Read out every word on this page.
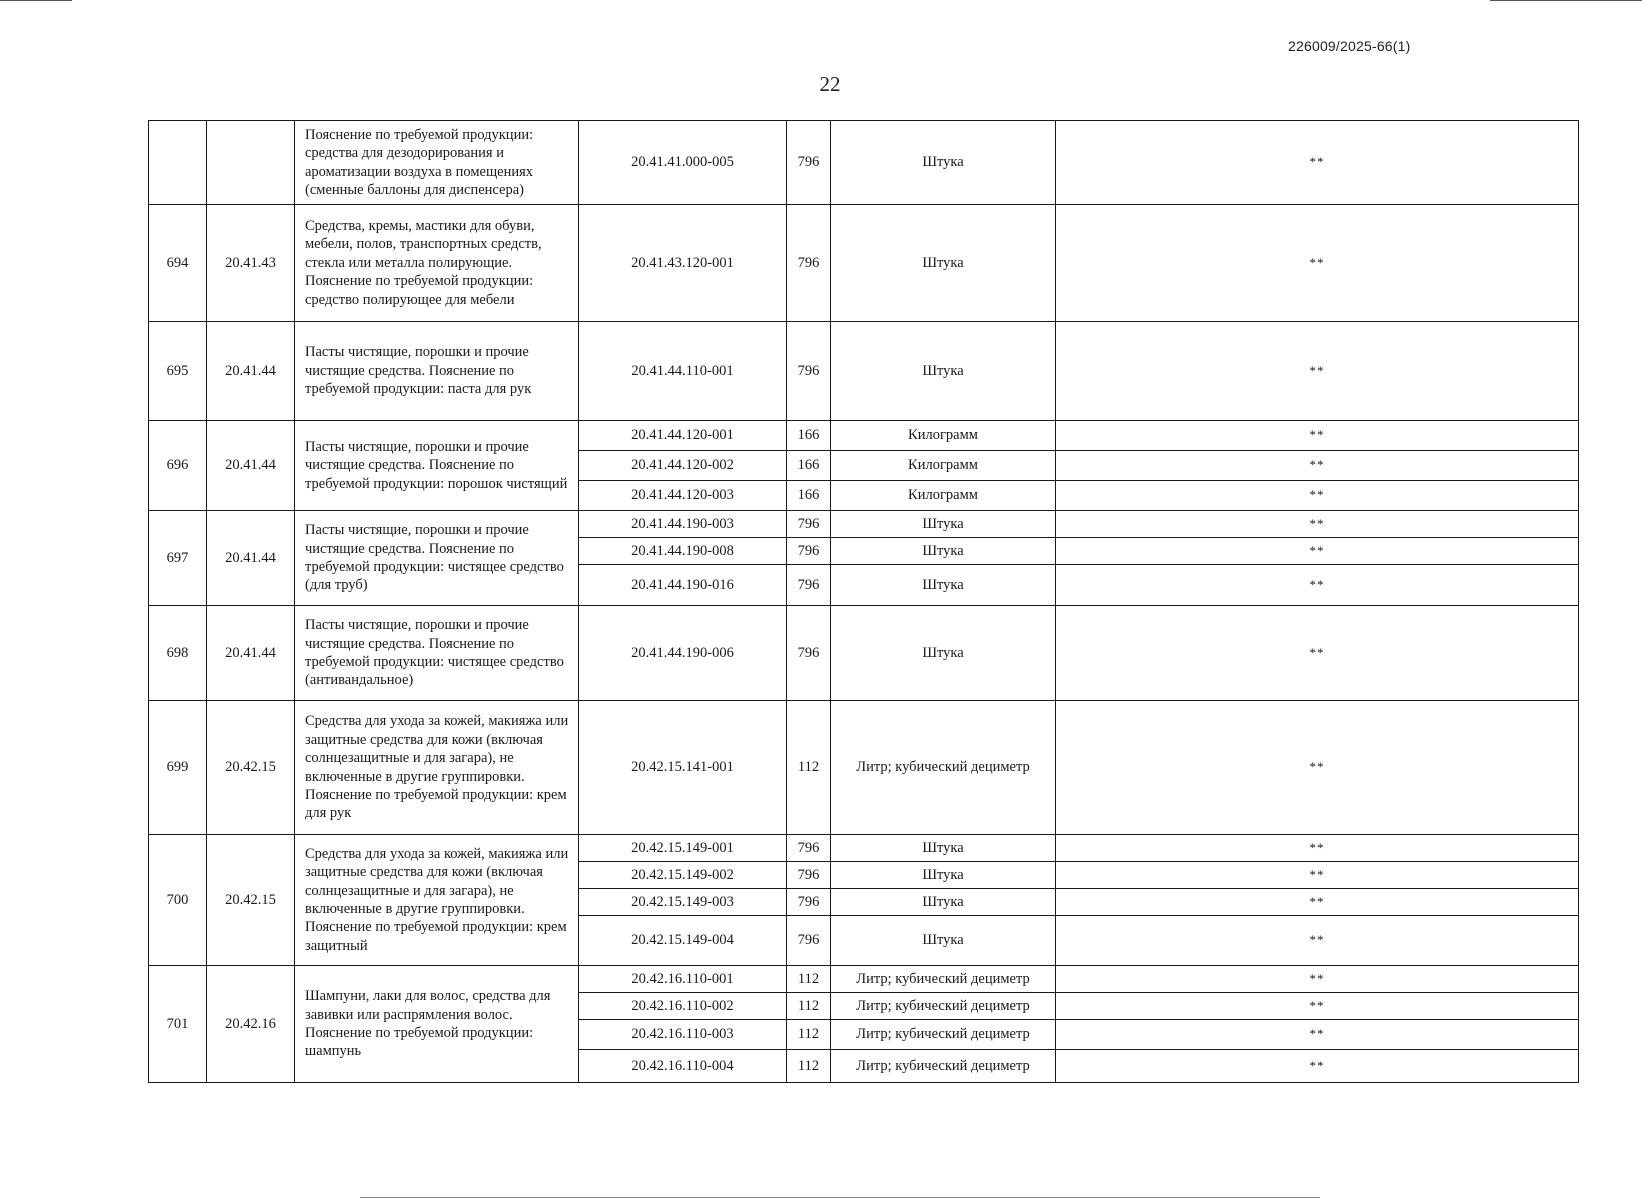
226009/2025-66(1)
22
		Пояснение по требуемой продукции: средства для дезодорирования и ароматизации воздуха в помещениях (сменные баллоны для диспенсера)	20.41.41.000-005	796	Штука	**
694	20.41.43	Средства, кремы, мастики для обуви, мебели, полов, транспортных средств, стекла или металла полирующие. Пояснение по требуемой продукции: средство полирующее для мебели	20.41.43.120-001	796	Штука	**
695	20.41.44	Пасты чистящие, порошки и прочие чистящие средства. Пояснение по требуемой продукции: паста для рук	20.41.44.110-001	796	Штука	**
696	20.41.44	Пасты чистящие, порошки и прочие чистящие средства. Пояснение по требуемой продукции: порошок чистящий	20.41.44.120-001	166	Килограмм	**
			20.41.44.120-002	166	Килограмм	**
			20.41.44.120-003	166	Килограмм	**
697	20.41.44	Пасты чистящие, порошки и прочие чистящие средства. Пояснение по требуемой продукции: чистящее средство (для труб)	20.41.44.190-003	796	Штука	**
			20.41.44.190-008	796	Штука	**
			20.41.44.190-016	796	Штука	**
698	20.41.44	Пасты чистящие, порошки и прочие чистящие средства. Пояснение по требуемой продукции: чистящее средство (антивандальное)	20.41.44.190-006	796	Штука	**
699	20.42.15	Средства для ухода за кожей, макияжа или защитные средства для кожи (включая солнцезащитные и для загара), не включенные в другие группировки. Пояснение по требуемой продукции: крем для рук	20.42.15.141-001	112	Литр; кубический дециметр	**
700	20.42.15	Средства для ухода за кожей, макияжа или защитные средства для кожи (включая солнцезащитные и для загара), не включенные в другие группировки. Пояснение по требуемой продукции: крем защитный	20.42.15.149-001	796	Штука	**
			20.42.15.149-002	796	Штука	**
			20.42.15.149-003	796	Штука	**
			20.42.15.149-004	796	Штука	**
701	20.42.16	Шампуни, лаки для волос, средства для завивки или распрямления волос. Пояснение по требуемой продукции: шампунь	20.42.16.110-001	112	Литр; кубический дециметр	**
			20.42.16.110-002	112	Литр; кубический дециметр	**
			20.42.16.110-003	112	Литр; кубический дециметр	**
			20.42.16.110-004	112	Литр; кубический дециметр	**
